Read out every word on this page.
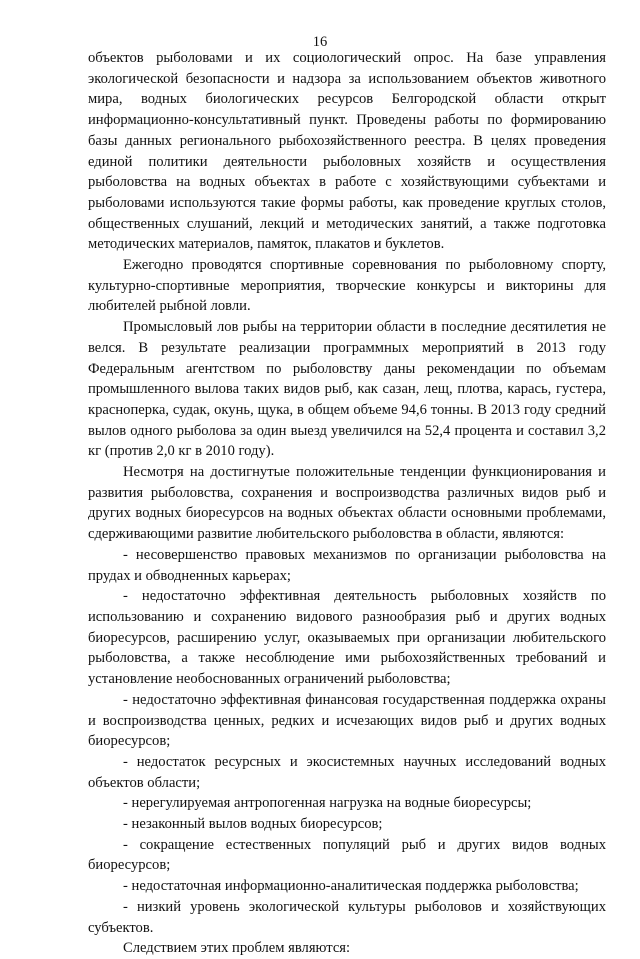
16

объектов рыболовами и их социологический опрос. На базе управления экологической безопасности и надзора за использованием объектов животного мира, водных биологических ресурсов Белгородской области открыт информационно-консультативный пункт. Проведены работы по формированию базы данных регионального рыбохозяйственного реестра. В целях проведения единой политики деятельности рыболовных хозяйств и осуществления рыболовства на водных объектах в работе с хозяйствующими субъектами и рыболовами используются такие формы работы, как проведение круглых столов, общественных слушаний, лекций и методических занятий, а также подготовка методических материалов, памяток, плакатов и буклетов.

Ежегодно проводятся спортивные соревнования по рыболовному спорту, культурно-спортивные мероприятия, творческие конкурсы и викторины для любителей рыбной ловли.

Промысловый лов рыбы на территории области в последние десятилетия не велся. В результате реализации программных мероприятий в 2013 году Федеральным агентством по рыболовству даны рекомендации по объемам промышленного вылова таких видов рыб, как сазан, лещ, плотва, карась, густера, красноперка, судак, окунь, щука, в общем объеме 94,6 тонны. В 2013 году средний вылов одного рыболова за один выезд увеличился на 52,4 процента и составил 3,2 кг (против 2,0 кг в 2010 году).

Несмотря на достигнутые положительные тенденции функционирования и развития рыболовства, сохранения и воспроизводства различных видов рыб и других водных биоресурсов на водных объектах области основными проблемами, сдерживающими развитие любительского рыболовства в области, являются:

- несовершенство правовых механизмов по организации рыболовства на прудах и обводненных карьерах;

- недостаточно эффективная деятельность рыболовных хозяйств по использованию и сохранению видового разнообразия рыб и других водных биоресурсов, расширению услуг, оказываемых при организации любительского рыболовства, а также несоблюдение ими рыбохозяйственных требований и установление необоснованных ограничений рыболовства;

- недостаточно эффективная финансовая государственная поддержка охраны и воспроизводства ценных, редких и исчезающих видов рыб и других водных биоресурсов;

- недостаток ресурсных и экосистемных научных исследований водных объектов области;

- нерегулируемая антропогенная нагрузка на водные биоресурсы;

- незаконный вылов водных биоресурсов;

- сокращение естественных популяций рыб и других видов водных биоресурсов;

- недостаточная информационно-аналитическая поддержка рыболовства;

- низкий уровень экологической культуры рыболовов и хозяйствующих субъектов.

Следствием этих проблем являются:
